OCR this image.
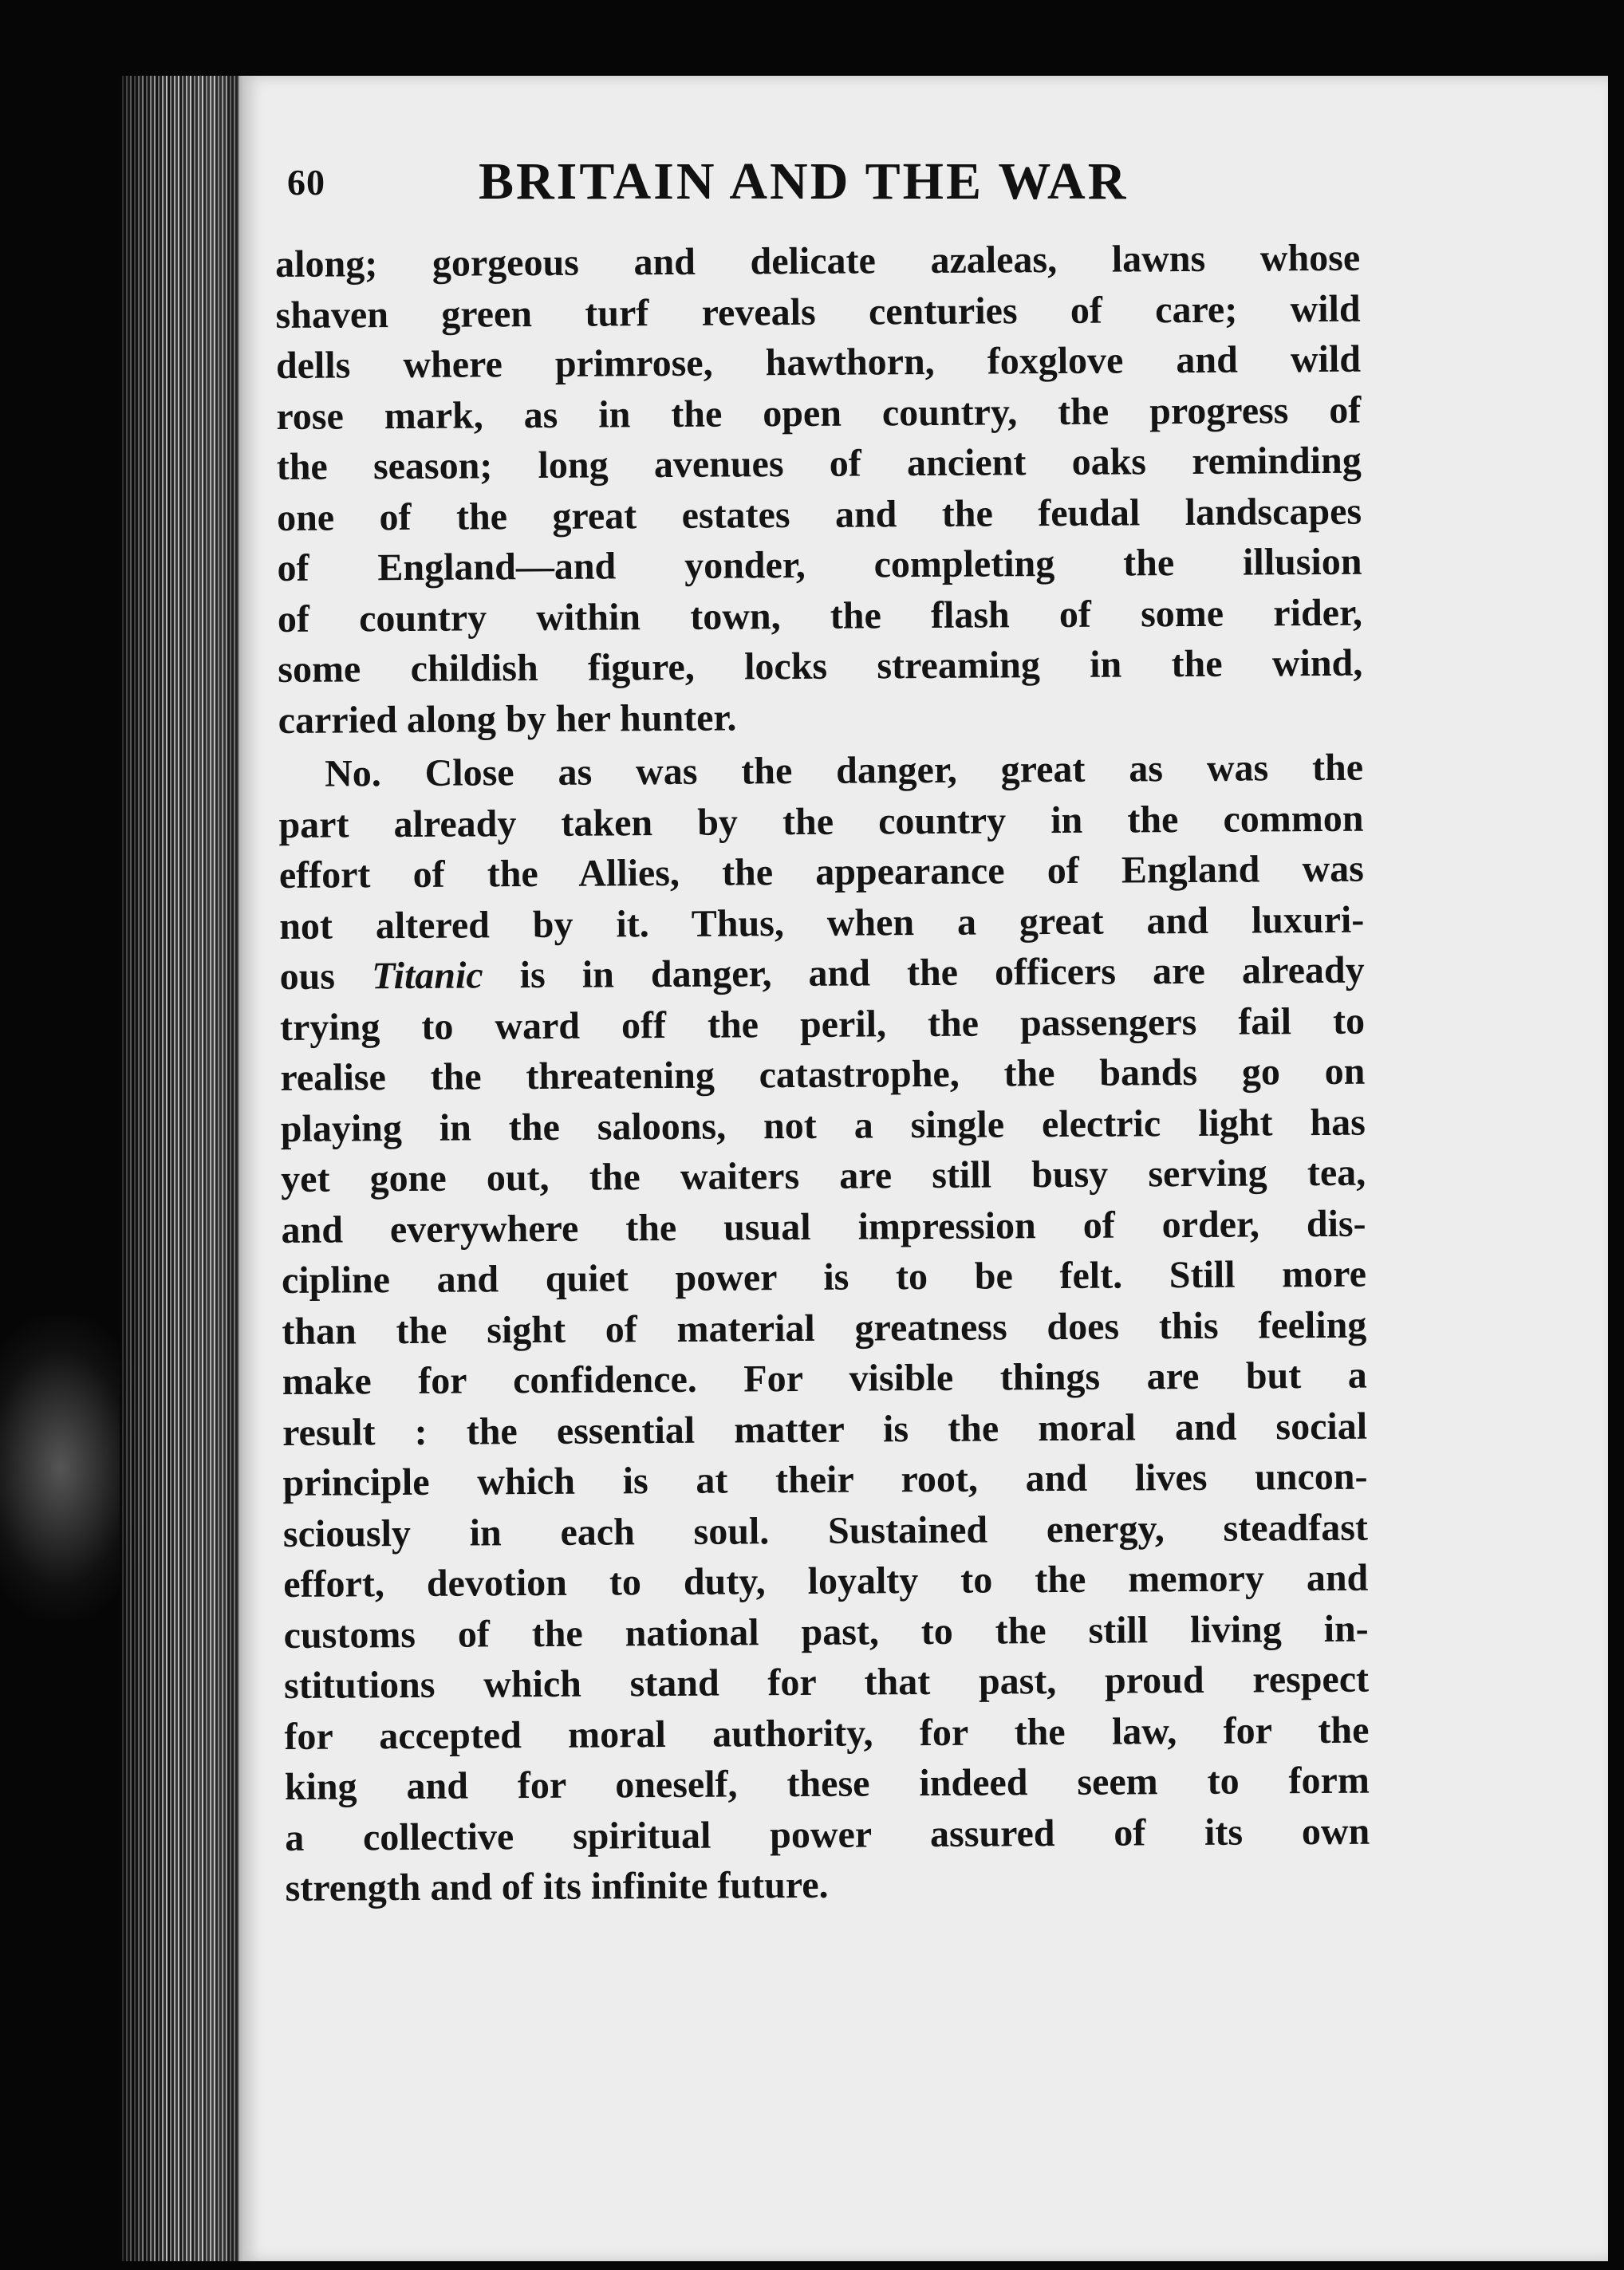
60	BRITAIN AND THE WAR
along; gorgeous and delicate azaleas, lawns whose
shaven green turf reveals centuries of care; wild
dells where primrose, hawthorn, foxglove and wild
rose mark, as in the open country, the progress of
the season; long avenues of ancient oaks reminding
one of the great estates and the feudal landscapes
of England—and yonder, completing the illusion
of country within town, the flash of some rider,
some childish figure, locks streaming in the wind,
carried along by her hunter.
No. Close as was the danger, great as was the
part already taken by the country in the common
effort of the Allies, the appearance of England was
not altered by it. Thus, when a great and luxuri-
ous Titanic is in danger, and the officers are already
trying to ward off the peril, the passengers fail to
realise the threatening catastrophe, the bands go on
playing in the saloons, not a single electric light has
yet gone out, the waiters are still busy serving tea,
and everywhere the usual impression of order, dis-
cipline and quiet power is to be felt. Still more
than the sight of material greatness does this feeling
make for confidence. For visible things are but a
result : the essential matter is the moral and social
principle which is at their root, and lives uncon-
sciously in each soul. Sustained energy, steadfast
effort, devotion to duty, loyalty to the memory and
customs of the national past, to the still living in-
stitutions which stand for that past, proud respect
for accepted moral authority, for the law, for the
king and for oneself, these indeed seem to form
a collective spiritual power assured of its own
strength and of its infinite future.
